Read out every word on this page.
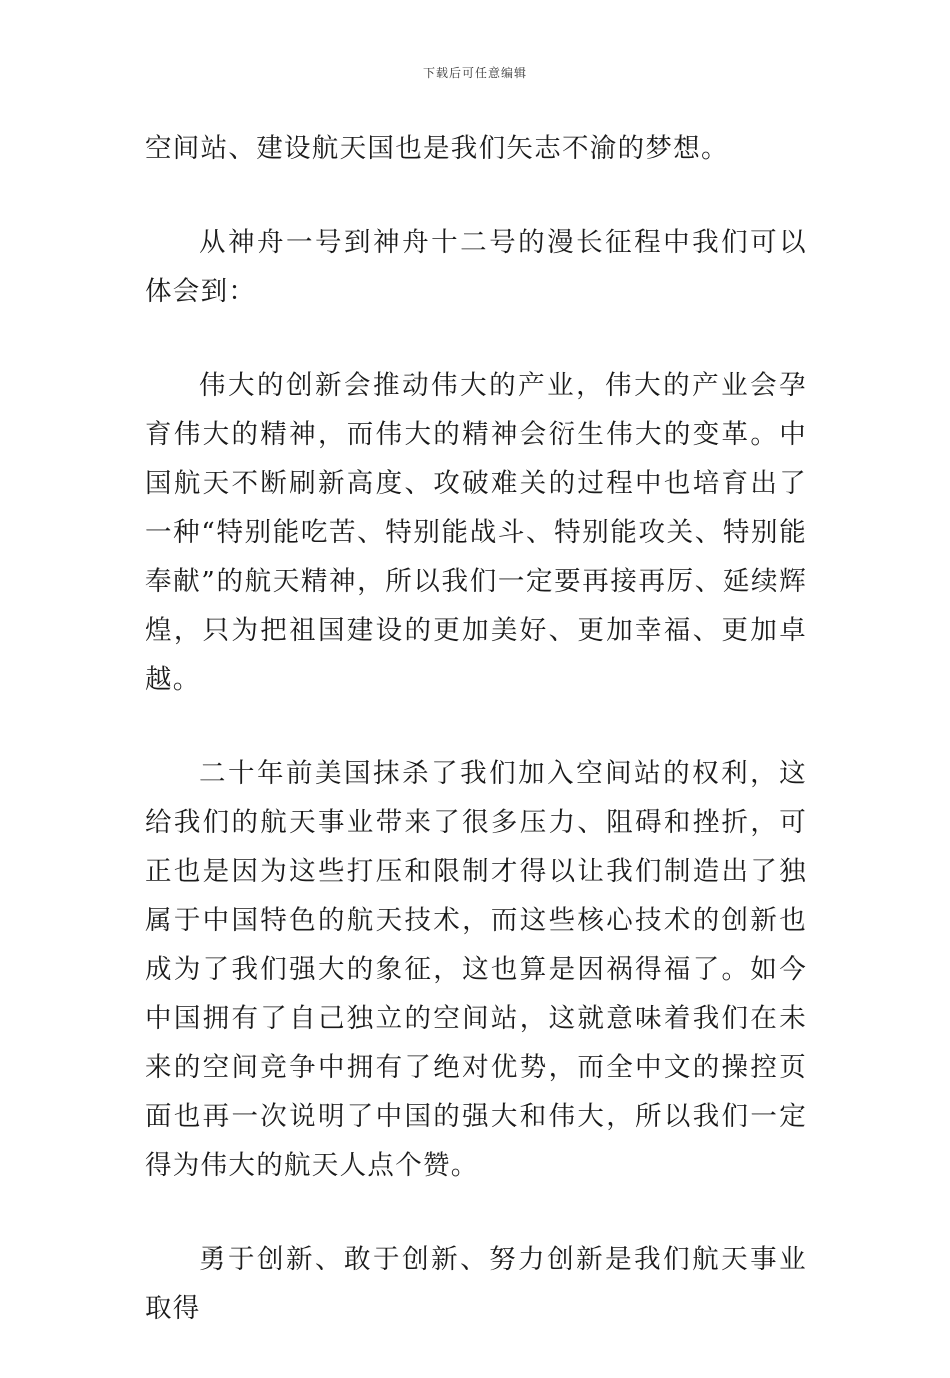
下载后可任意编辑

空间站、建设航天国也是我们矢志不渝的梦想。

从神舟一号到神舟十二号的漫长征程中我们可以体会到：

伟大的创新会推动伟大的产业，伟大的产业会孕育伟大的精神，而伟大的精神会衍生伟大的变革。中国航天不断刷新高度、攻破难关的过程中也培育出了一种“特别能吃苦、特别能战斗、特别能攻关、特别能奉献”的航天精神，所以我们一定要再接再厉、延续辉煌，只为把祖国建设的更加美好、更加幸福、更加卓越。

二十年前美国抹杀了我们加入空间站的权利，这给我们的航天事业带来了很多压力、阻碍和挫折，可正也是因为这些打压和限制才得以让我们制造出了独属于中国特色的航天技术，而这些核心技术的创新也成为了我们强大的象征，这也算是因祸得福了。如今中国拥有了自己独立的空间站，这就意味着我们在未来的空间竞争中拥有了绝对优势，而全中文的操控页面也再一次说明了中国的强大和伟大，所以我们一定得为伟大的航天人点个赞。

勇于创新、敢于创新、努力创新是我们航天事业取得
